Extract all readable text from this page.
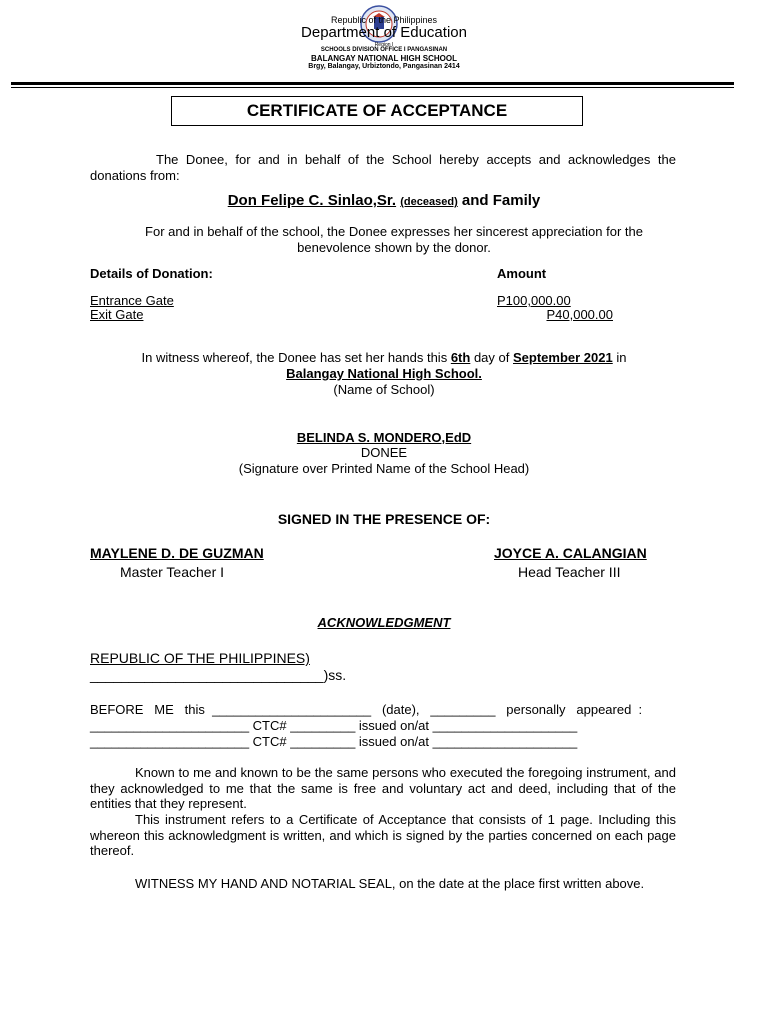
Republic of the Philippines
Department of Education
Region I
SCHOOLS DIVISION OFFICE I PANGASINAN
BALANGAY NATIONAL HIGH SCHOOL
Brgy, Balangay, Urbiztondo, Pangasinan 2414
CERTIFICATE OF ACCEPTANCE
The Donee, for and in behalf of the School hereby accepts and acknowledges the donations from:
Don Felipe C. Sinlao,Sr. (deceased) and Family
For and in behalf of the school, the Donee expresses her sincerest appreciation for the benevolence shown by the donor.
Details of Donation:	Amount
Entrance Gate	P100,000.00
Exit Gate	P40,000.00
In witness whereof, the Donee has set her hands this 6th day of September 2021 in
Balangay National High School.
(Name of School)
BELINDA S. MONDERO,EdD
DONEE
(Signature over Printed Name of the School Head)
SIGNED IN THE PRESENCE OF:
MAYLENE D. DE GUZMAN
Master Teacher I
JOYCE A. CALANGIAN
Head Teacher III
ACKNOWLEDGMENT
REPUBLIC OF THE PHILIPPINES)
______________________________)ss.
BEFORE   ME   this  ______________________   (date),   _________   personally   appeared  :
______________________ CTC# _________ issued on/at ____________________
______________________ CTC# _________ issued on/at ____________________
Known to me and known to be the same persons who executed the foregoing instrument, and they acknowledged to me that the same is free and voluntary act and deed, including that of the entities that they represent.
This instrument refers to a Certificate of Acceptance that consists of 1 page. Including this whereon this acknowledgment is written, and which is signed by the parties concerned on each page thereof.
WITNESS MY HAND AND NOTARIAL SEAL, on the date at the place first written above.
